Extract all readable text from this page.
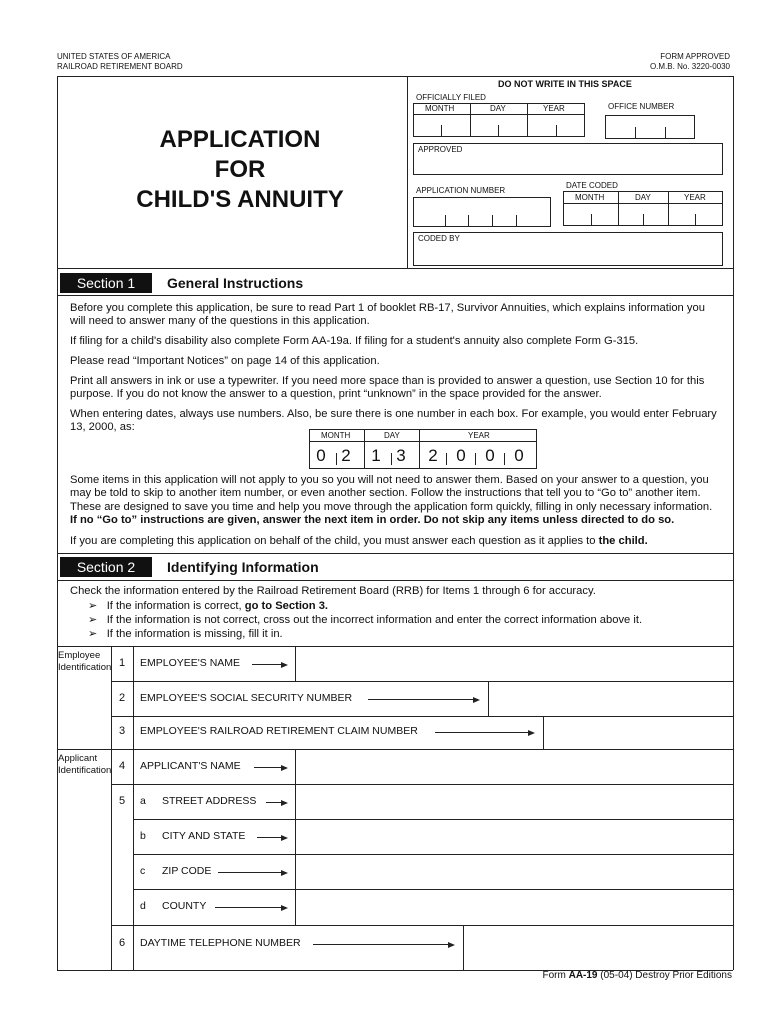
UNITED STATES OF AMERICA
RAILROAD RETIREMENT BOARD
FORM APPROVED
O.M.B. No. 3220-0030
APPLICATION
FOR
CHILD'S ANNUITY
DO NOT WRITE IN THIS SPACE
OFFICIALLY FILED
MONTH	DAY	YEAR	OFFICE NUMBER
APPROVED
APPLICATION NUMBER
DATE CODED
MONTH	DAY	YEAR
CODED BY
Section 1	General Instructions
Before you complete this application, be sure to read Part 1 of booklet RB-17, Survivor Annuities, which explains information you will need to answer many of the questions in this application.
If filing for a child's disability also complete Form AA-19a. If filing for a student's annuity also complete Form G-315.
Please read “Important Notices” on page 14 of this application.
Print all answers in ink or use a typewriter. If you need more space than is provided to answer a question, use Section 10 for this purpose. If you do not know the answer to a question, print “unknown” in the space provided for the answer.
When entering dates, always use numbers. Also, be sure there is one number in each box. For example, you would enter February 13, 2000, as:
MONTH	DAY	YEAR
0 2	1 3	2	0	0	0
Some items in this application will not apply to you so you will not need to answer them. Based on your answer to a question, you may be told to skip to another item number, or even another section. Follow the instructions that tell you to “Go to” another item. These are designed to save you time and help you move through the application form quickly, filling in only necessary information. If no “Go to” instructions are given, answer the next item in order. Do not skip any items unless directed to do so.
If you are completing this application on behalf of the child, you must answer each question as it applies to the child.
Section 2	Identifying Information
Check the information entered by the Railroad Retirement Board (RRB) for Items 1 through 6 for accuracy.
➢    If the information is correct, go to Section 3.
➢    If the information is not correct, cross out the incorrect information and enter the correct information above it.
➢    If the information is missing, fill it in.
Employee
Identification 1	EMPLOYEE'S NAME
2	EMPLOYEE'S SOCIAL SECURITY NUMBER
3	EMPLOYEE'S RAILROAD RETIREMENT CLAIM NUMBER
Applicant
Identification 4	APPLICANT'S NAME
5	a STREET ADDRESS
b CITY AND STATE
c ZIP CODE
d COUNTY
6	DAYTIME TELEPHONE NUMBER
Form AA-19 (05-04) Destroy Prior Editions
